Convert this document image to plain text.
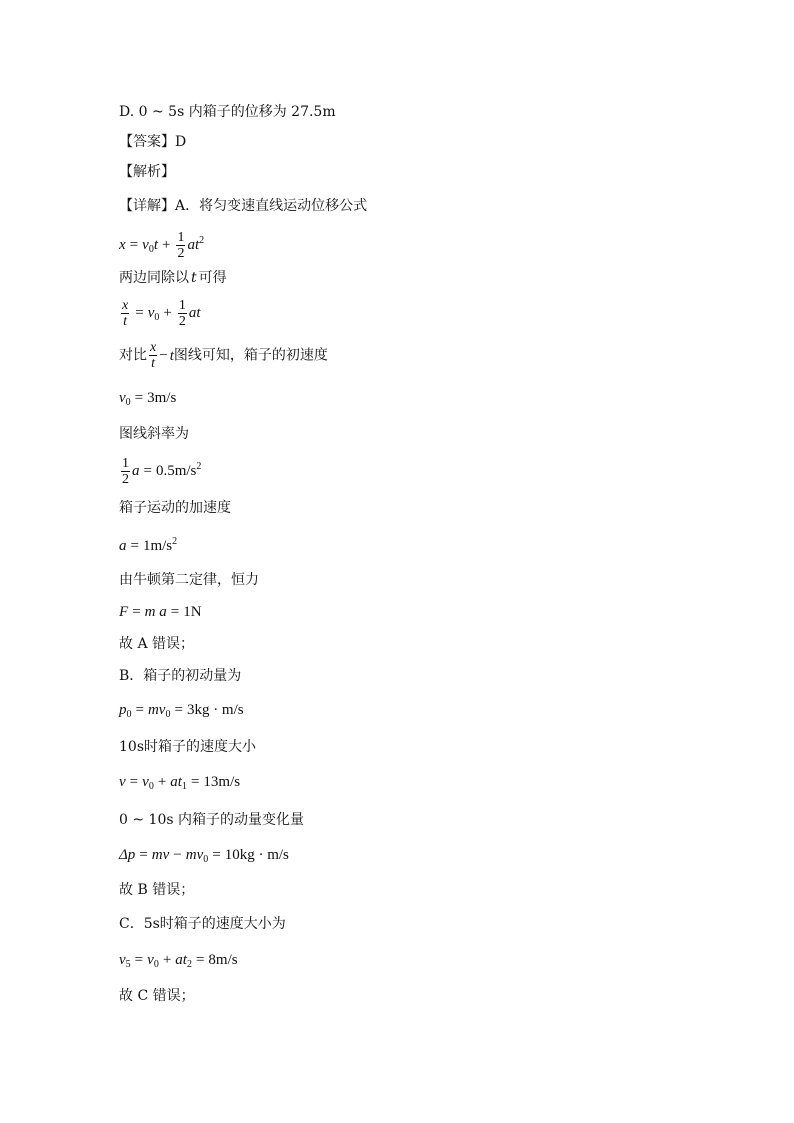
D. 0 ~ 5s 内箱子的位移为 27.5m
【答案】D
【解析】
【详解】A．将匀变速直线运动位移公式
$x = v_0t + \frac{1}{2} at^2$
两边同除以 t 可得
$\frac{x}{t} = v_0 + \frac{1}{2}$ at
对比 $\frac{x}{t} - t$图线可知，箱子的初速度
$v_0 = 3m/s$
图线斜率为
$\frac{1}{2}$ $a = 0.5m/s^2$
箱子运动的加速度
$a = 1m/s^2$
由牛顿第二定律，恒力
F = m a = 1N
故 A 错误；
B．箱子的初动量为
$p_0 = mv_0 = 3kg \cdot m/s$
10s时箱子的速度大小
$v = v_0 + at_1 = 13m/s$
0 ~ 10s 内箱子的动量变化量
Δp = mv − $mv_0 = 10kg \cdot m/s$
故 B 错误；
C．5s时箱子的速度大小为
$v_5 = v_0 + at_2 = 8m/s$
故 C 错误；
